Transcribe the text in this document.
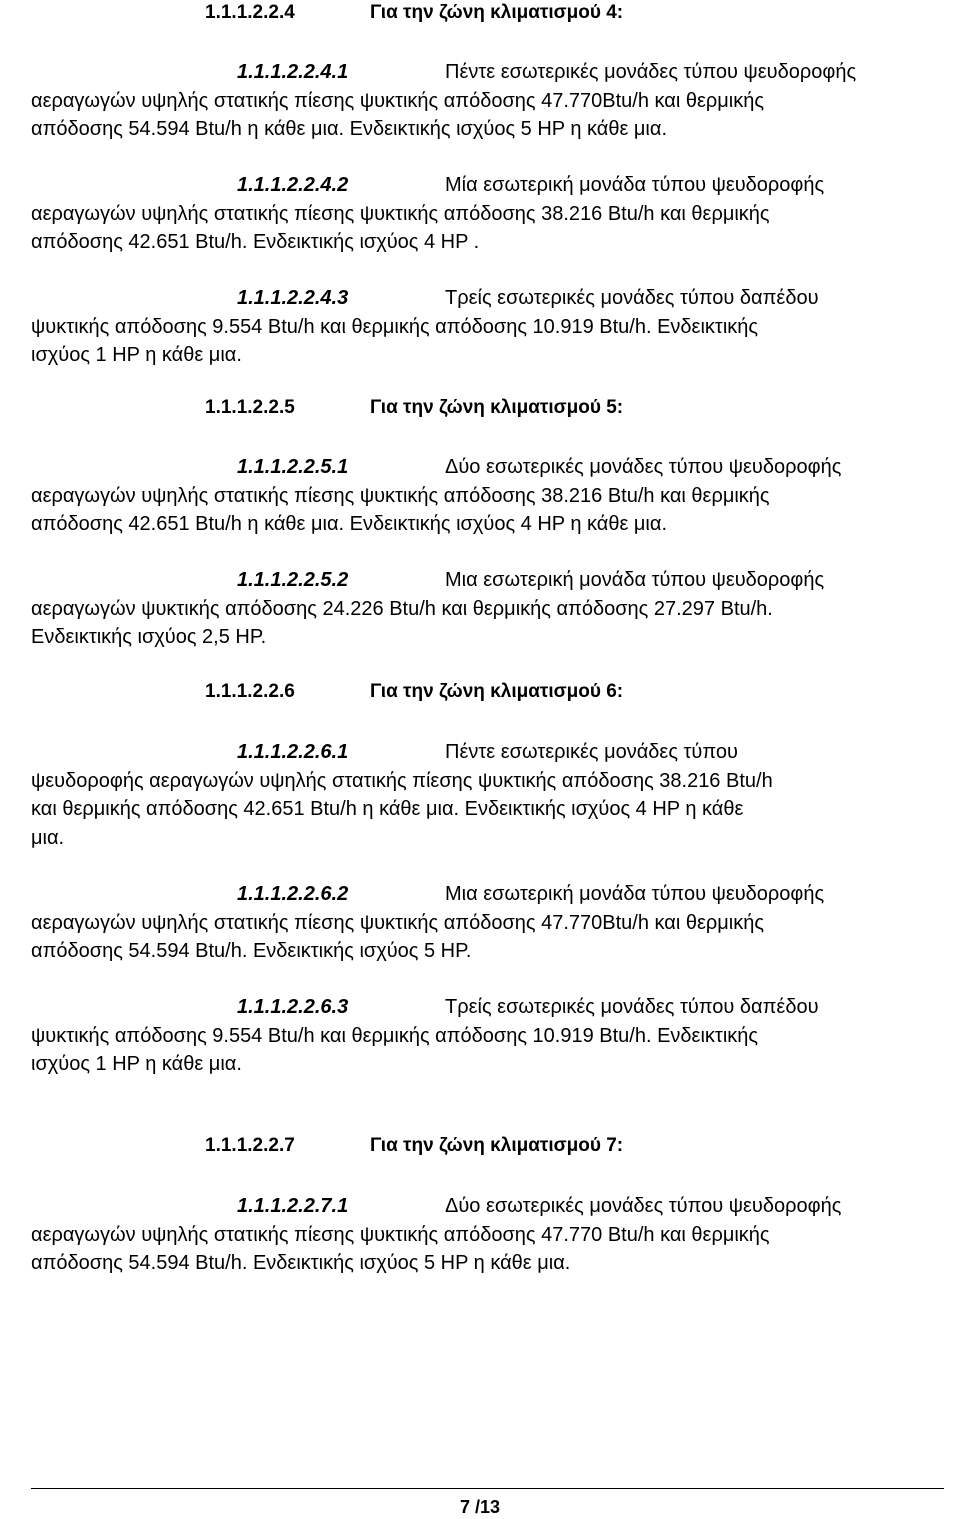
1.1.1.2.2.4	Για την ζώνη κλιματισμού 4:
1.1.1.2.2.4.1	Πέντε εσωτερικές μονάδες τύπου ψευδοροφής
αεραγωγών υψηλής στατικής πίεσης ψυκτικής απόδοσης 47.770Btu/h και θερμικής
απόδοσης 54.594 Btu/h η κάθε μια. Ενδεικτικής ισχύος 5 HP η κάθε μια.
1.1.1.2.2.4.2	Μία εσωτερική μονάδα τύπου ψευδοροφής
αεραγωγών υψηλής στατικής πίεσης ψυκτικής απόδοσης 38.216 Btu/h και θερμικής
απόδοσης 42.651 Btu/h. Ενδεικτικής ισχύος 4 HP .
1.1.1.2.2.4.3	Τρείς εσωτερικές μονάδες τύπου δαπέδου
ψυκτικής απόδοσης 9.554 Btu/h και θερμικής απόδοσης 10.919 Btu/h. Ενδεικτικής
ισχύος 1 HP η κάθε μια.
1.1.1.2.2.5	Για την ζώνη κλιματισμού 5:
1.1.1.2.2.5.1	Δύο εσωτερικές μονάδες τύπου ψευδοροφής
αεραγωγών υψηλής στατικής πίεσης ψυκτικής απόδοσης 38.216 Btu/h και θερμικής
απόδοσης 42.651 Btu/h η κάθε μια. Ενδεικτικής ισχύος 4 HP η κάθε μια.
1.1.1.2.2.5.2	Μια εσωτερική μονάδα τύπου ψευδοροφής
αεραγωγών ψυκτικής απόδοσης 24.226 Btu/h και θερμικής απόδοσης 27.297 Btu/h.
Ενδεικτικής ισχύος 2,5 HP.
1.1.1.2.2.6	Για την ζώνη κλιματισμού 6:
1.1.1.2.2.6.1	Πέντε εσωτερικές μονάδες τύπου
ψευδοροφής αεραγωγών υψηλής στατικής πίεσης ψυκτικής απόδοσης 38.216 Btu/h
και θερμικής απόδοσης 42.651 Btu/h η κάθε μια. Ενδεικτικής ισχύος 4 HP η κάθε
μια.
1.1.1.2.2.6.2	Μια εσωτερική μονάδα τύπου ψευδοροφής
αεραγωγών υψηλής στατικής πίεσης ψυκτικής απόδοσης 47.770Btu/h και θερμικής
απόδοσης 54.594 Btu/h. Ενδεικτικής ισχύος 5 HP.
1.1.1.2.2.6.3	Τρείς εσωτερικές μονάδες τύπου δαπέδου
ψυκτικής απόδοσης 9.554 Btu/h και θερμικής απόδοσης 10.919 Btu/h. Ενδεικτικής
ισχύος 1 HP η κάθε μια.
1.1.1.2.2.7	Για την ζώνη κλιματισμού 7:
1.1.1.2.2.7.1	Δύο εσωτερικές μονάδες τύπου ψευδοροφής
αεραγωγών υψηλής στατικής πίεσης ψυκτικής απόδοσης 47.770 Btu/h και θερμικής
απόδοσης 54.594 Btu/h. Ενδεικτικής ισχύος 5 HP η κάθε μια.
7 /13
